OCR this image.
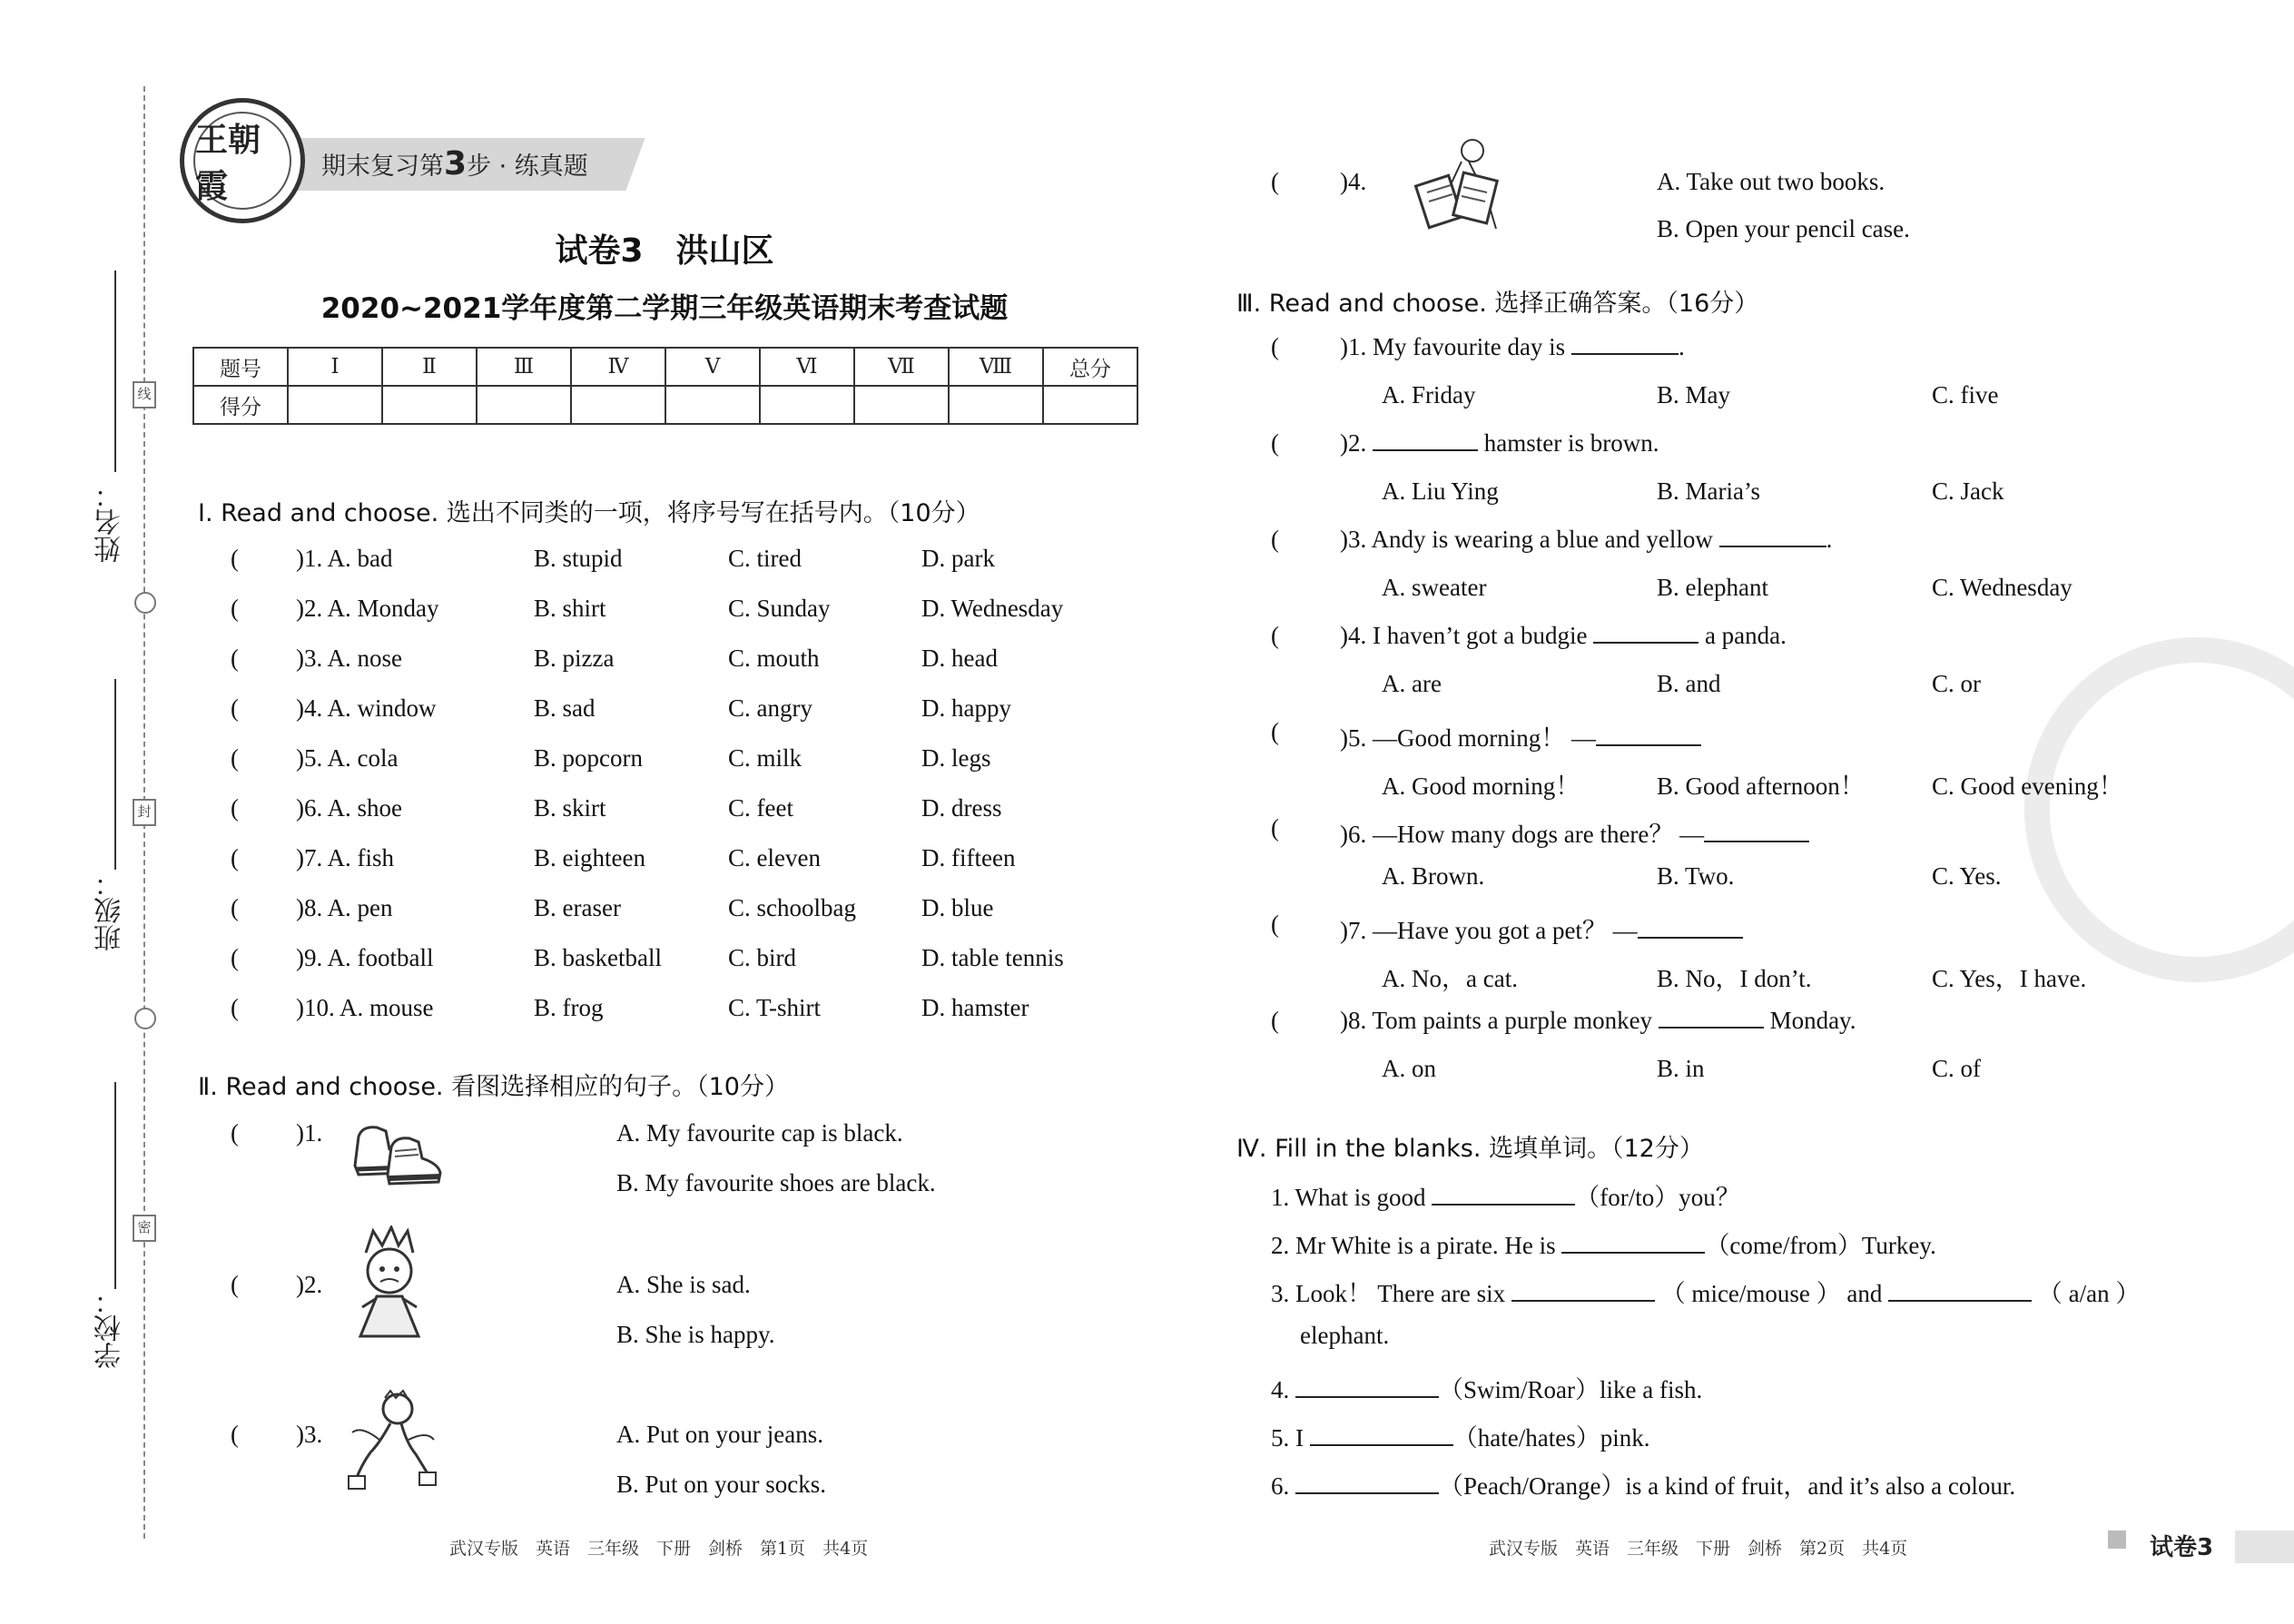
线
封
密
姓名：
班级：
学校：
王朝霞
期末复习第3步 · 练真题
试卷3　洪山区
2020~2021学年度第二学期三年级英语期末考查试题
题号	Ⅰ	Ⅱ	Ⅲ	Ⅳ	Ⅴ	Ⅵ	Ⅶ	Ⅷ	总分
得分									
Ⅰ. Read and choose. 选出不同类的一项，将序号写在括号内。（10分）
( )1. A. bad	B. stupid	C. tired	D. park
( )2. A. Monday	B. shirt	C. Sunday	D. Wednesday
( )3. A. nose	B. pizza	C. mouth	D. head
( )4. A. window	B. sad	C. angry	D. happy
( )5. A. cola	B. popcorn	C. milk	D. legs
( )6. A. shoe	B. skirt	C. feet	D. dress
( )7. A. fish	B. eighteen	C. eleven	D. fifteen
( )8. A. pen	B. eraser	C. schoolbag	D. blue
( )9. A. football	B. basketball	C. bird	D. table tennis
( )10. A. mouse	B. frog	C. T-shirt	D. hamster
Ⅱ. Read and choose. 看图选择相应的句子。（10分）
( )1.	A. My favourite cap is black.
B. My favourite shoes are black.
( )2.	A. She is sad.
B. She is happy.
( )3.	A. Put on your jeans.
B. Put on your socks.
( )4.	A. Take out two books.
B. Open your pencil case.
Ⅲ. Read and choose. 选择正确答案。（16分）
( )1. My favourite day is	.
A. Friday	B. May	C. five
( )2.	hamster is brown.
A. Liu Ying	B. Maria’s	C. Jack
( )3. Andy is wearing a blue and yellow	.
A. sweater	B. elephant	C. Wednesday
( )4. I haven’t got a budgie	a panda.
A. are	B. and	C. or
( )5. —Good morning！ —
A. Good morning！	B. Good afternoon！	C. Good evening！
( )6. —How many dogs are there？ —
A. Brown.	B. Two.	C. Yes.
( )7. —Have you got a pet？ —
A. No，a cat.	B. No，I don’t.	C. Yes，I have.
( )8. Tom paints a purple monkey	Monday.
A. on	B. in	C. of
Ⅳ. Fill in the blanks. 选填单词。（12分）
1. What is good	（for/to）you？
2. Mr White is a pirate. He is	（come/from）Turkey.
3. Look！ There are six	（ mice/mouse ） and	（ a/an ）
elephant.
4.	（Swim/Roar）like a fish.
5. I	（hate/hates）pink.
6.	（Peach/Orange）is a kind of fruit，and it’s also a colour.
武汉专版　英语　三年级　下册　剑桥　第1页　共4页	武汉专版　英语　三年级　下册　剑桥　第2页　共4页	试卷3
